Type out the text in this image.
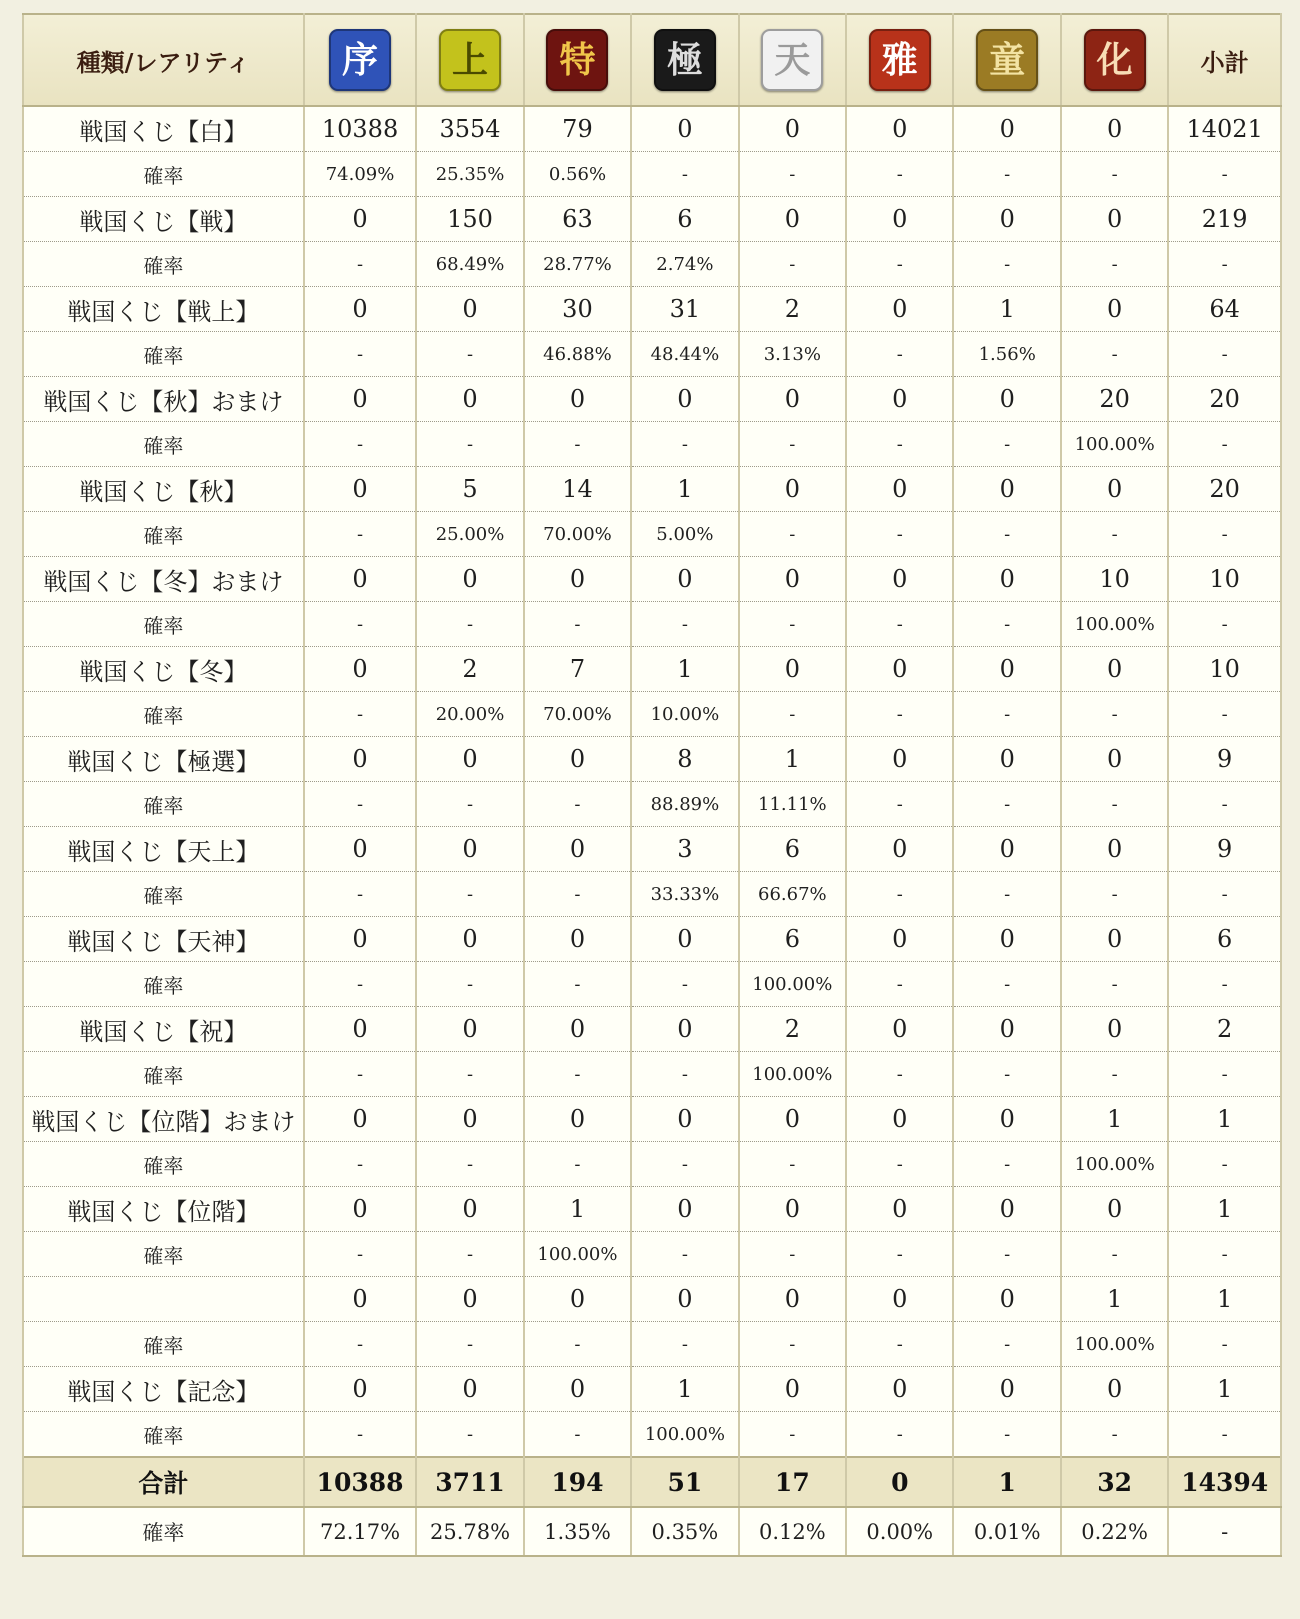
種類/レアリティ	序	上	特	極	天	雅	童	化	小計
戦国くじ【白】	10388	3554	79	0	0	0	0	0	14021
確率	74.09%	25.35%	0.56%	-	-	-	-	-	-
戦国くじ【戦】	0	150	63	6	0	0	0	0	219
確率	-	68.49%	28.77%	2.74%	-	-	-	-	-
戦国くじ【戦上】	0	0	30	31	2	0	1	0	64
確率	-	-	46.88%	48.44%	3.13%	-	1.56%	-	-
戦国くじ【秋】おまけ	0	0	0	0	0	0	0	20	20
確率	-	-	-	-	-	-	-	100.00%	-
戦国くじ【秋】	0	5	14	1	0	0	0	0	20
確率	-	25.00%	70.00%	5.00%	-	-	-	-	-
戦国くじ【冬】おまけ	0	0	0	0	0	0	0	10	10
確率	-	-	-	-	-	-	-	100.00%	-
戦国くじ【冬】	0	2	7	1	0	0	0	0	10
確率	-	20.00%	70.00%	10.00%	-	-	-	-	-
戦国くじ【極選】	0	0	0	8	1	0	0	0	9
確率	-	-	-	88.89%	11.11%	-	-	-	-
戦国くじ【天上】	0	0	0	3	6	0	0	0	9
確率	-	-	-	33.33%	66.67%	-	-	-	-
戦国くじ【天神】	0	0	0	0	6	0	0	0	6
確率	-	-	-	-	100.00%	-	-	-	-
戦国くじ【祝】	0	0	0	0	2	0	0	0	2
確率	-	-	-	-	100.00%	-	-	-	-
戦国くじ【位階】おまけ	0	0	0	0	0	0	0	1	1
確率	-	-	-	-	-	-	-	100.00%	-
戦国くじ【位階】	0	0	1	0	0	0	0	0	1
確率	-	-	100.00%	-	-	-	-	-	-
	0	0	0	0	0	0	0	1	1
確率	-	-	-	-	-	-	-	100.00%	-
戦国くじ【記念】	0	0	0	1	0	0	0	0	1
確率	-	-	-	100.00%	-	-	-	-	-
合計	10388	3711	194	51	17	0	1	32	14394
確率	72.17%	25.78%	1.35%	0.35%	0.12%	0.00%	0.01%	0.22%	-
